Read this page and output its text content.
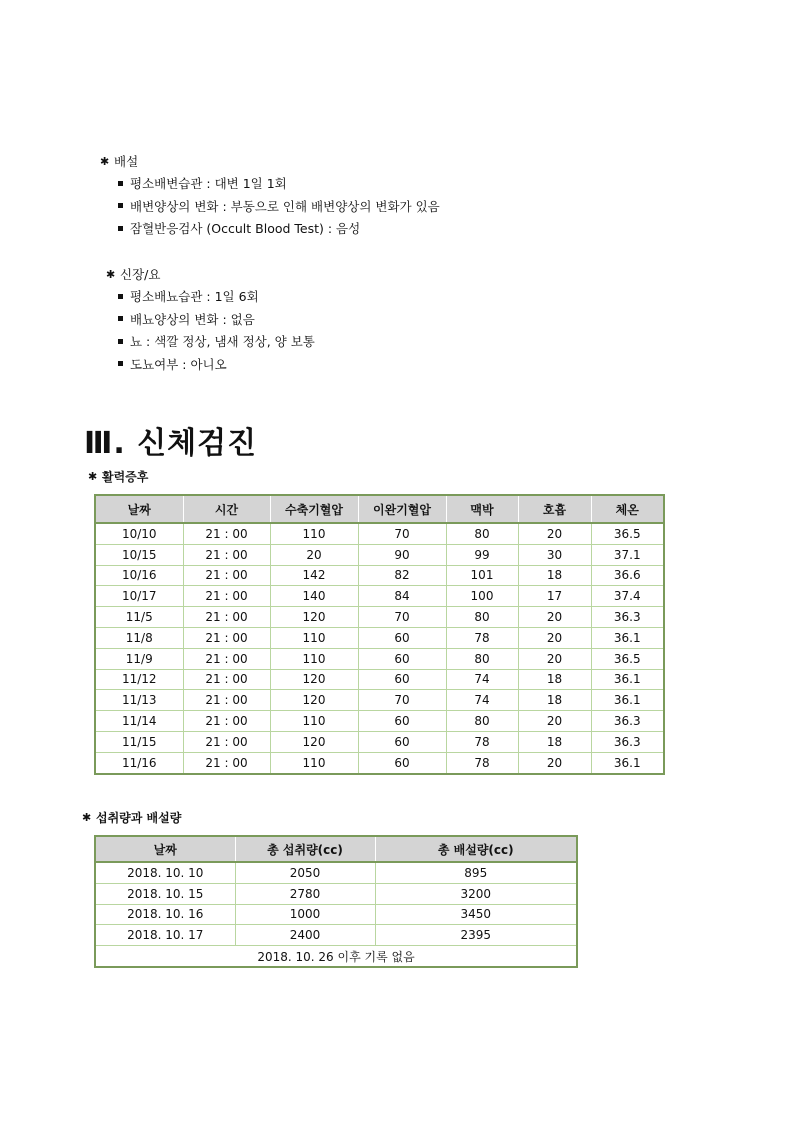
✱ 배설
평소배변습관 : 대변 1일 1회
배변양상의 변화 : 부동으로 인해 배변양상의 변화가 있음
잠혈반응검사 (Occult Blood Test) : 음성
✱ 신장/요
평소배뇨습관 : 1일 6회
배뇨양상의 변화 : 없음
뇨 : 색깔 정상, 냄새 정상, 양 보통
도뇨여부 : 아니오
Ⅲ. 신체검진
✱ 활력증후
날짜	시간	수축기혈압	이완기혈압	맥박	호흡	체온
10/10	21 : 00	110	70	80	20	36.5
10/15	21 : 00	20	90	99	30	37.1
10/16	21 : 00	142	82	101	18	36.6
10/17	21 : 00	140	84	100	17	37.4
11/5	21 : 00	120	70	80	20	36.3
11/8	21 : 00	110	60	78	20	36.1
11/9	21 : 00	110	60	80	20	36.5
11/12	21 : 00	120	60	74	18	36.1
11/13	21 : 00	120	70	74	18	36.1
11/14	21 : 00	110	60	80	20	36.3
11/15	21 : 00	120	60	78	18	36.3
11/16	21 : 00	110	60	78	20	36.1
✱ 섭취량과 배설량
날짜	총 섭취량(cc)	총 배설량(cc)
2018. 10. 10	2050	895
2018. 10. 15	2780	3200
2018. 10. 16	1000	3450
2018. 10. 17	2400	2395
2018. 10. 26 이후 기록 없음		
